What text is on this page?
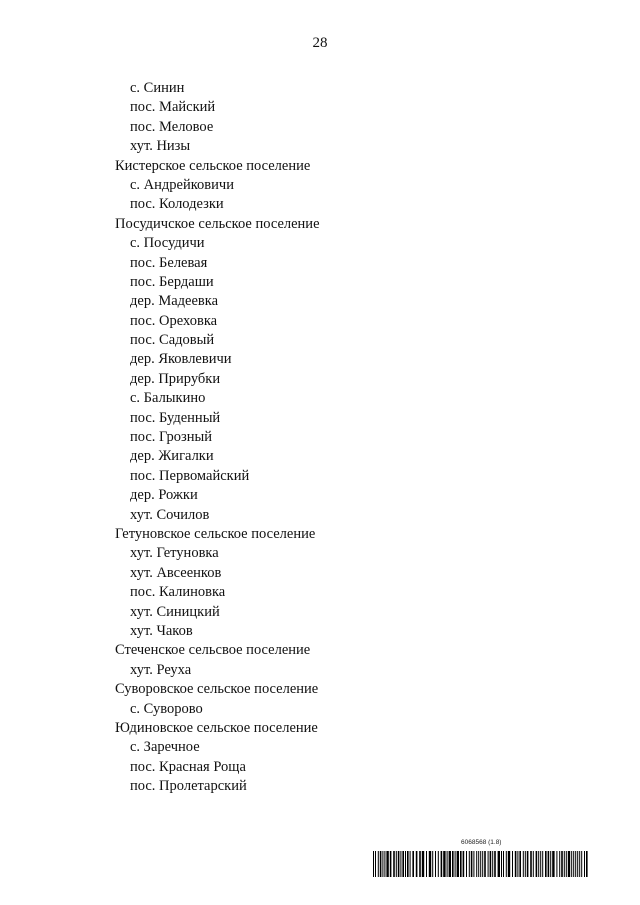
28
с. Синин
пос. Майский
пос. Меловое
хут. Низы
Кистерское сельское поселение
с. Андрейковичи
пос. Колодезки
Посудичское сельское поселение
с. Посудичи
пос. Белевая
пос. Бердаши
дер. Мадеевка
пос. Ореховка
пос. Садовый
дер. Яковлевичи
дер. Прирубки
с. Балыкино
пос. Буденный
пос. Грозный
дер. Жигалки
пос. Первомайский
дер. Рожки
хут. Сочилов
Гетуновское сельское поселение
хут. Гетуновка
хут. Авсеенков
пос. Калиновка
хут. Синицкий
хут. Чаков
Стеченское сельсвое поселение
хут. Реуха
Суворовское сельское поселение
с. Суворово
Юдиновское сельское поселение
с. Заречное
пос. Красная Роща
пос. Пролетарский
6068568 (1.8)
